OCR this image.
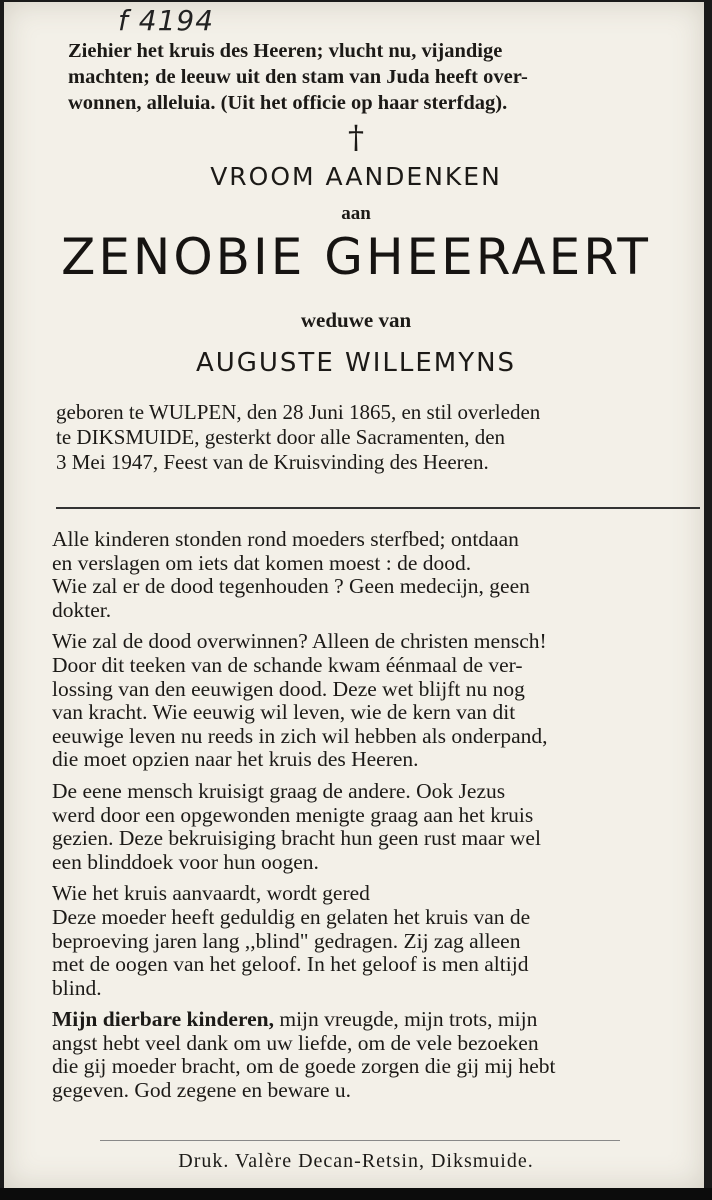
f 4194
Ziehier het kruis des Heeren; vlucht nu, vijandige
machten; de leeuw uit den stam van Juda heeft over-
wonnen, alleluia. (Uit het officie op haar sterfdag).
†
VROOM AANDENKEN
aan
ZENOBIE GHEERAERT
weduwe van
AUGUSTE WILLEMYNS
geboren te WULPEN, den 28 Juni 1865, en stil overleden
te DIKSMUIDE, gesterkt door alle Sacramenten, den
3 Mei 1947, Feest van de Kruisvinding des Heeren.
Alle kinderen stonden rond moeders sterfbed; ontdaan
en verslagen om iets dat komen moest : de dood.
Wie zal er de dood tegenhouden ? Geen medecijn, geen
dokter.
Wie zal de dood overwinnen? Alleen de christen mensch!
Door dit teeken van de schande kwam éénmaal de ver-
lossing van den eeuwigen dood. Deze wet blijft nu nog
van kracht. Wie eeuwig wil leven, wie de kern van dit
eeuwige leven nu reeds in zich wil hebben als onderpand,
die moet opzien naar het kruis des Heeren.
De eene mensch kruisigt graag de andere. Ook Jezus
werd door een opgewonden menigte graag aan het kruis
gezien. Deze bekruisiging bracht hun geen rust maar wel
een blinddoek voor hun oogen.
Wie het kruis aanvaardt, wordt gered
Deze moeder heeft geduldig en gelaten het kruis van de
beproeving jaren lang ,,blind" gedragen. Zij zag alleen
met de oogen van het geloof. In het geloof is men altijd
blind.
Mijn dierbare kinderen, mijn vreugde, mijn trots, mijn
angst hebt veel dank om uw liefde, om de vele bezoeken
die gij moeder bracht, om de goede zorgen die gij mij hebt
gegeven. God zegene en beware u.
Druk. Valère Decan-Retsin, Diksmuide.
